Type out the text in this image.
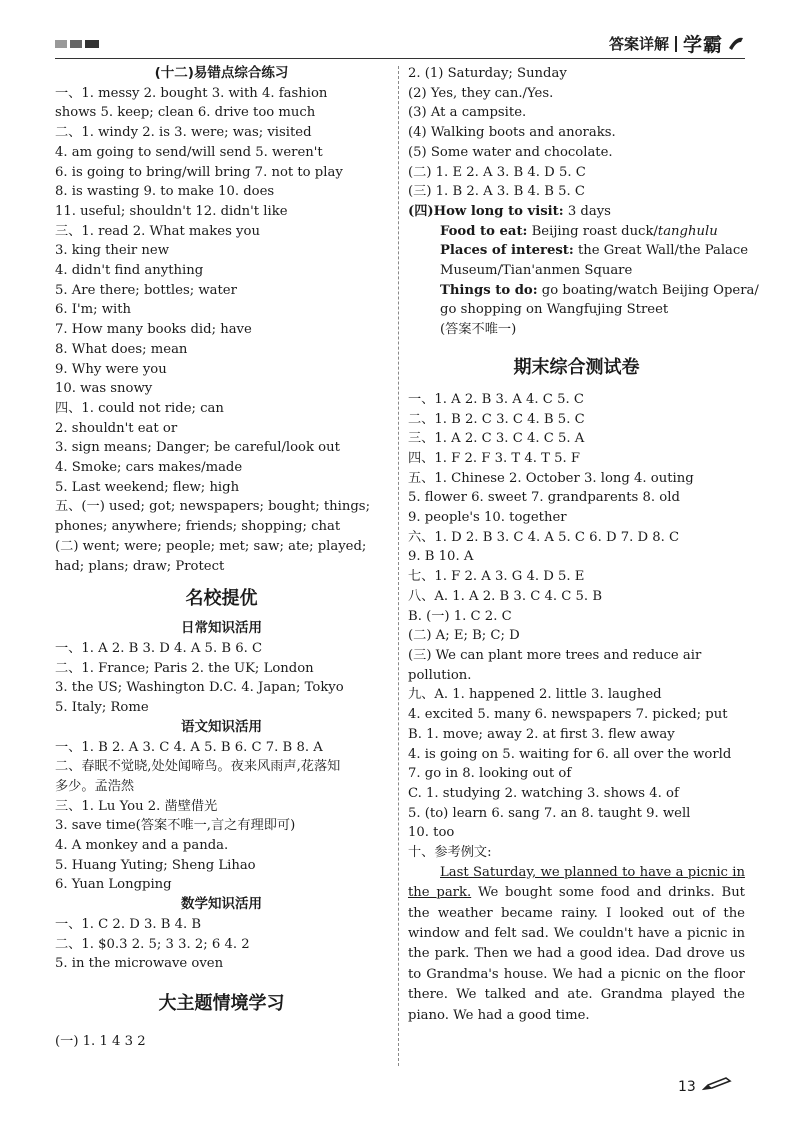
答案详解 学霸
(十二)易错点综合练习
一、1. messy 2. bought 3. with 4. fashion
shows 5. keep; clean 6. drive too much
二、1. windy 2. is 3. were; was; visited
4. am going to send/will send 5. weren't
6. is going to bring/will bring 7. not to play
8. is wasting 9. to make 10. does
11. useful; shouldn't 12. didn't like
三、1. read 2. What makes you
3. king their new
4. didn't find anything
5. Are there; bottles; water
6. I'm; with
7. How many books did; have
8. What does; mean
9. Why were you
10. was snowy
四、1. could not ride; can
2. shouldn't eat or
3. sign means; Danger; be careful/look out
4. Smoke; cars makes/made
5. Last weekend; flew; high
五、(一) used; got; newspapers; bought; things;
phones; anywhere; friends; shopping; chat
(二) went; were; people; met; saw; ate; played;
had; plans; draw; Protect
名校提优
日常知识活用
一、1. A 2. B 3. D 4. A 5. B 6. C
二、1. France; Paris 2. the UK; London
3. the US; Washington D.C. 4. Japan; Tokyo
5. Italy; Rome
语文知识活用
一、1. B 2. A 3. C 4. A 5. B 6. C 7. B 8. A
二、春眠不觉晓,处处闻啼鸟。夜来风雨声,花落知
多少。孟浩然
三、1. Lu You 2. 凿壁借光
3. save time(答案不唯一,言之有理即可)
4. A monkey and a panda.
5. Huang Yuting; Sheng Lihao
6. Yuan Longping
数学知识活用
一、1. C 2. D 3. B 4. B
二、1. $0.3 2. 5; 3 3. 2; 6 4. 2
5. in the microwave oven
大主题情境学习
(一) 1. 1 4 3 2
2. (1) Saturday; Sunday
(2) Yes, they can./Yes.
(3) At a campsite.
(4) Walking boots and anoraks.
(5) Some water and chocolate.
(二) 1. E 2. A 3. B 4. D 5. C
(三) 1. B 2. A 3. B 4. B 5. C
(四)How long to visit: 3 days
Food to eat: Beijing roast duck/tanghulu
Places of interest: the Great Wall/the Palace
Museum/Tian'anmen Square
Things to do: go boating/watch Beijing Opera/
go shopping on Wangfujing Street
(答案不唯一)
期末综合测试卷
一、1. A 2. B 3. A 4. C 5. C
二、1. B 2. C 3. C 4. B 5. C
三、1. A 2. C 3. C 4. C 5. A
四、1. F 2. F 3. T 4. T 5. F
五、1. Chinese 2. October 3. long 4. outing
5. flower 6. sweet 7. grandparents 8. old
9. people's 10. together
六、1. D 2. B 3. C 4. A 5. C 6. D 7. D 8. C
9. B 10. A
七、1. F 2. A 3. G 4. D 5. E
八、A. 1. A 2. B 3. C 4. C 5. B
B. (一) 1. C 2. C
(二) A; E; B; C; D
(三) We can plant more trees and reduce air
pollution.
九、A. 1. happened 2. little 3. laughed
4. excited 5. many 6. newspapers 7. picked; put
B. 1. move; away 2. at first 3. flew away
4. is going on 5. waiting for 6. all over the world
7. go in 8. looking out of
C. 1. studying 2. watching 3. shows 4. of
5. (to) learn 6. sang 7. an 8. taught 9. well
10. too
十、参考例文:
Last Saturday, we planned to have a picnic in the park. We bought some food and drinks. But the weather became rainy. I looked out of the window and felt sad. We couldn't have a picnic in the park. Then we had a good idea. Dad drove us to Grandma's house. We had a picnic on the floor there. We talked and ate. Grandma played the piano. We had a good time.
13
